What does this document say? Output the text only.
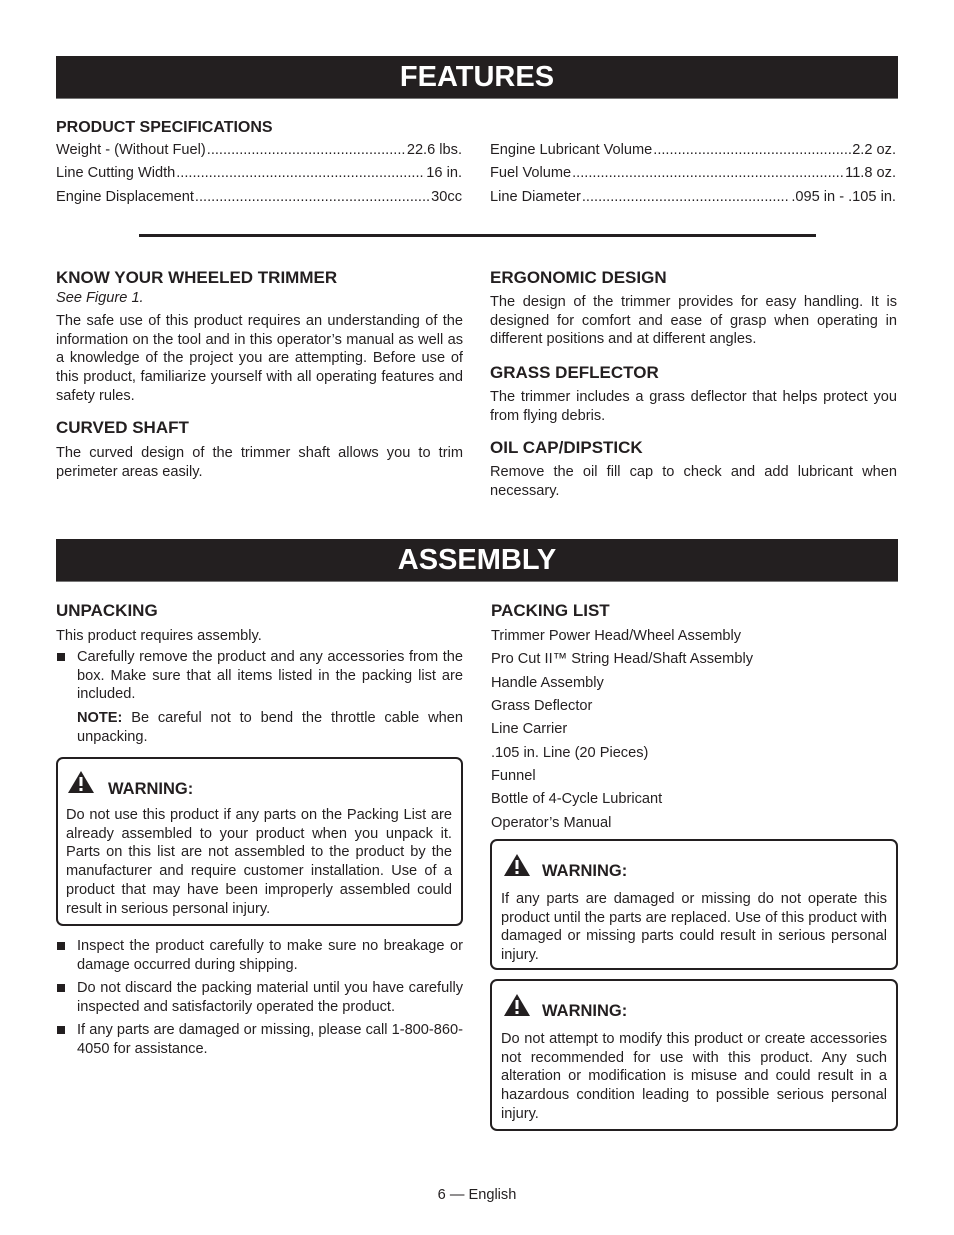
FEATURES
PRODUCT SPECIFICATIONS
Weight - (Without Fuel) .....	22.6 lbs.
Line Cutting Width .....	16 in.
Engine Displacement .....	30cc
Engine Lubricant Volume .....	2.2 oz.
Fuel Volume .....	11.8 oz.
Line Diameter .....	.095 in - .105 in.
KNOW YOUR WHEELED TRIMMER
See Figure 1.
The safe use of this product requires an understanding of the information on the tool and in this operator’s manual as well as a knowledge of the project you are attempting. Before use of this product, familiarize yourself with all operating features and safety rules.
CURVED SHAFT
The curved design of the trimmer shaft allows you to trim perimeter areas easily.
ERGONOMIC DESIGN
The design of the trimmer provides for easy handling. It is designed for comfort and ease of grasp when operating in different positions and at different angles.
GRASS DEFLECTOR
The trimmer includes a grass deflector that helps protect you from flying debris.
OIL CAP/DIPSTICK
Remove the oil fill cap to check and add lubricant when necessary.
ASSEMBLY
UNPACKING
This product requires assembly.
Carefully remove the product and any accessories from the box. Make sure that all items listed in the packing list are included.
NOTE: Be careful not to bend the throttle cable when unpacking.
WARNING:
Do not use this product if any parts on the Packing List are already assembled to your product when you unpack it. Parts on this list are not assembled to the product by the manufacturer and require customer installation. Use of a product that may have been improperly assembled could result in serious personal injury.
Inspect the product carefully to make sure no breakage or damage occurred during shipping.
Do not discard the packing material until you have carefully inspected and satisfactorily operated the product.
If any parts are damaged or missing, please call 1-800-860-4050 for assistance.
PACKING LIST
Trimmer Power Head/Wheel Assembly
Pro Cut II™ String Head/Shaft Assembly
Handle Assembly
Grass Deflector
Line Carrier
.105 in. Line (20 Pieces)
Funnel
Bottle of 4-Cycle Lubricant
Operator’s Manual
WARNING:
If any parts are damaged or missing do not operate this product until the parts are replaced. Use of this product with damaged or missing parts could result in serious personal injury.
WARNING:
Do not attempt to modify this product or create accessories not recommended for use with this product. Any such alteration or modification is misuse and could result in a hazardous condition leading to possible serious personal injury.
6 — English
